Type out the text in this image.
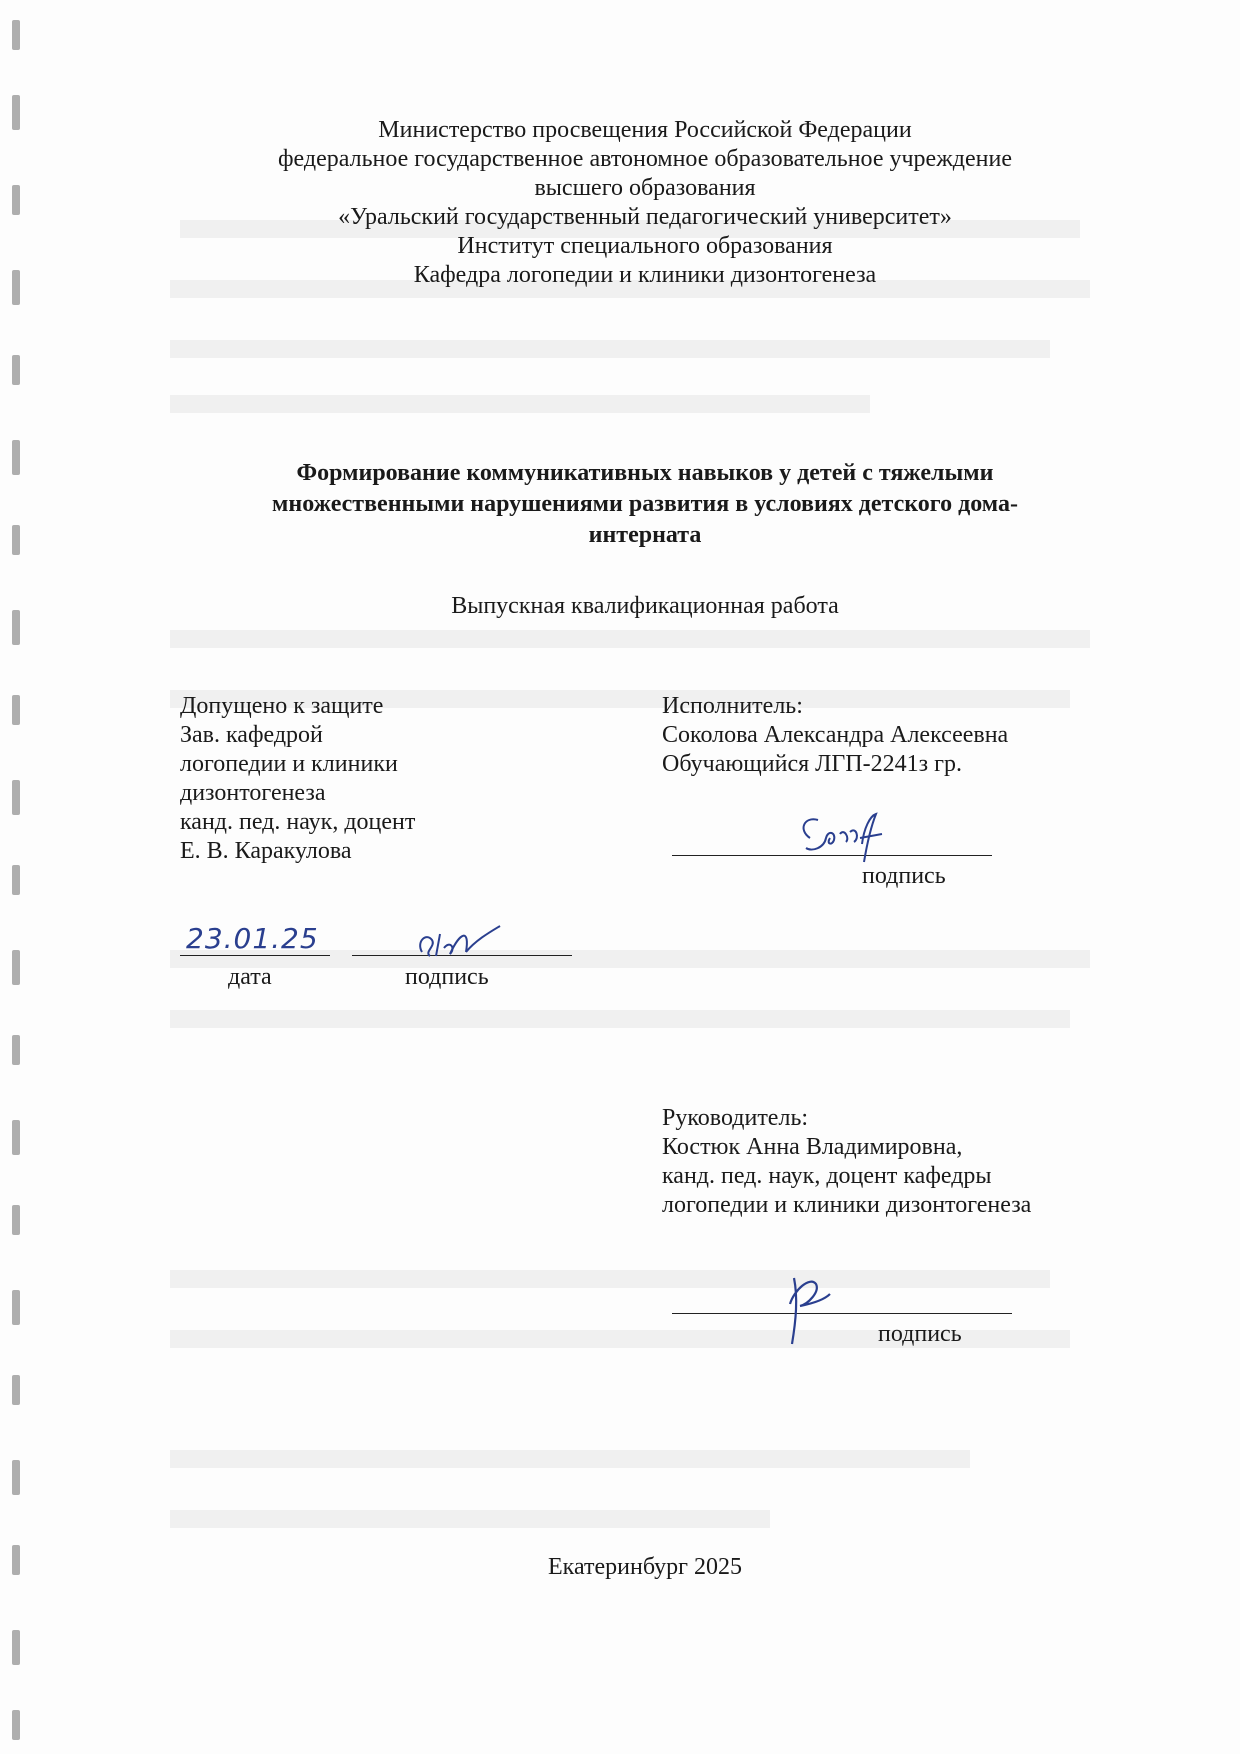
Министерство просвещения Российской Федерации
федеральное государственное автономное образовательное учреждение
высшего образования
«Уральский государственный педагогический университет»
Институт специального образования
Кафедра логопедии и клиники дизонтогенеза
Формирование коммуникативных навыков у детей с тяжелыми
множественными нарушениями развития в условиях детского дома-
интерната
Выпускная квалификационная работа
Допущено к защите
Зав. кафедрой
логопедии и клиники
дизонтогенеза
канд. пед. наук, доцент
Е. В. Каракулова
23.01.25
дата	подпись
Исполнитель:
Соколова Александра Алексеевна
Обучающийся ЛГП-2241з гр.
подпись
Руководитель:
Костюк Анна Владимировна,
канд. пед. наук, доцент кафедры
логопедии и клиники дизонтогенеза
подпись
Екатеринбург 2025
